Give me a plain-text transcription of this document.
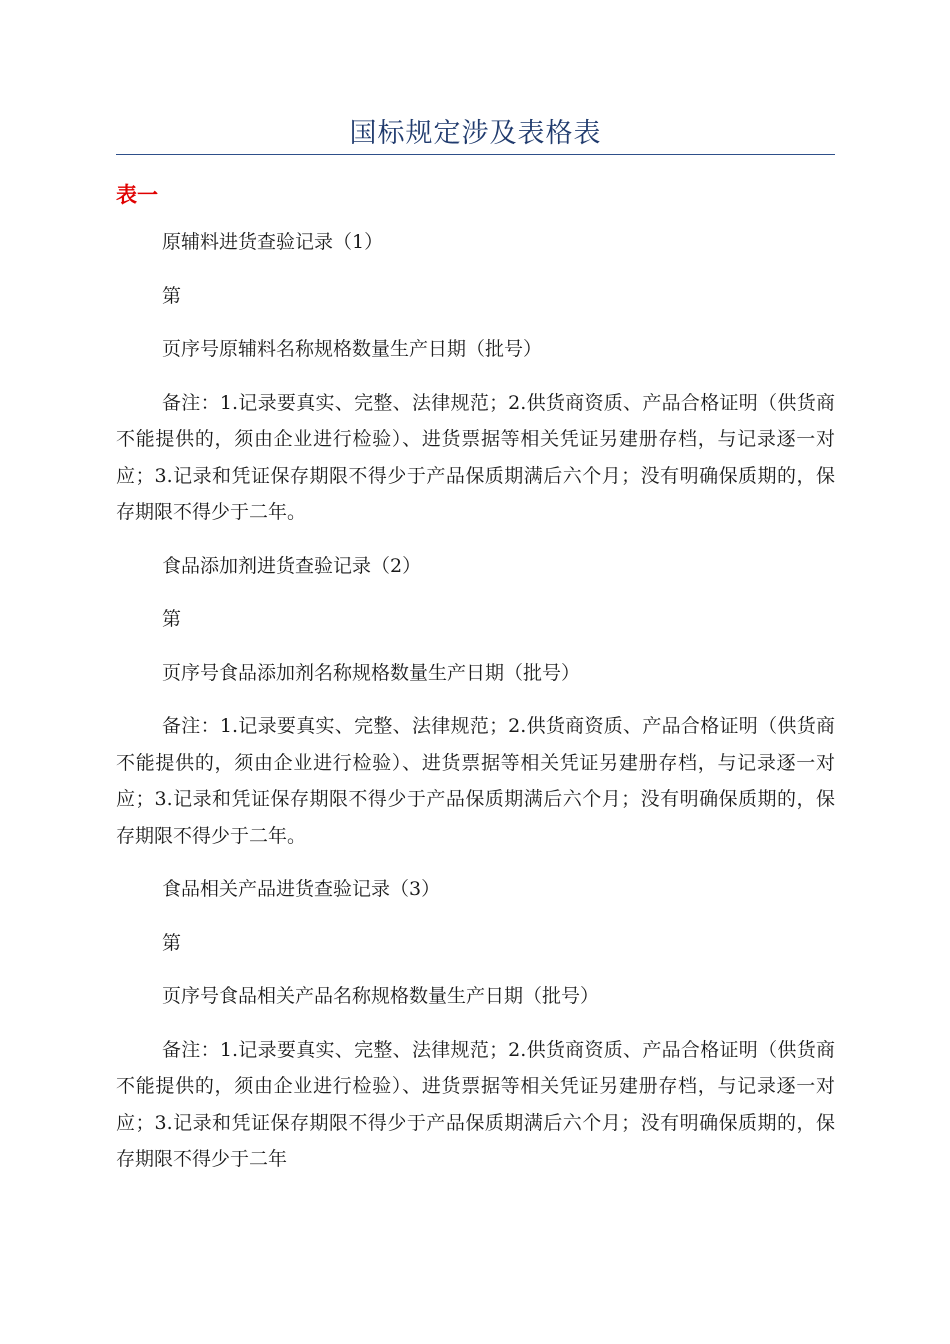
国标规定涉及表格表
表一

原辅料进货查验记录（1）

第

页序号原辅料名称规格数量生产日期（批号）

备注：1.记录要真实、完整、法律规范；2.供货商资质、产品合格证明（供货商不能提供的，须由企业进行检验）、进货票据等相关凭证另建册存档，与记录逐一对应；3.记录和凭证保存期限不得少于产品保质期满后六个月；没有明确保质期的，保存期限不得少于二年。

食品添加剂进货查验记录（2）

第

页序号食品添加剂名称规格数量生产日期（批号）

备注：1.记录要真实、完整、法律规范；2.供货商资质、产品合格证明（供货商不能提供的，须由企业进行检验）、进货票据等相关凭证另建册存档，与记录逐一对应；3.记录和凭证保存期限不得少于产品保质期满后六个月；没有明确保质期的，保存期限不得少于二年。

食品相关产品进货查验记录（3）

第

页序号食品相关产品名称规格数量生产日期（批号）

备注：1.记录要真实、完整、法律规范；2.供货商资质、产品合格证明（供货商不能提供的，须由企业进行检验）、进货票据等相关凭证另建册存档，与记录逐一对应；3.记录和凭证保存期限不得少于产品保质期满后六个月；没有明确保质期的，保存期限不得少于二年
